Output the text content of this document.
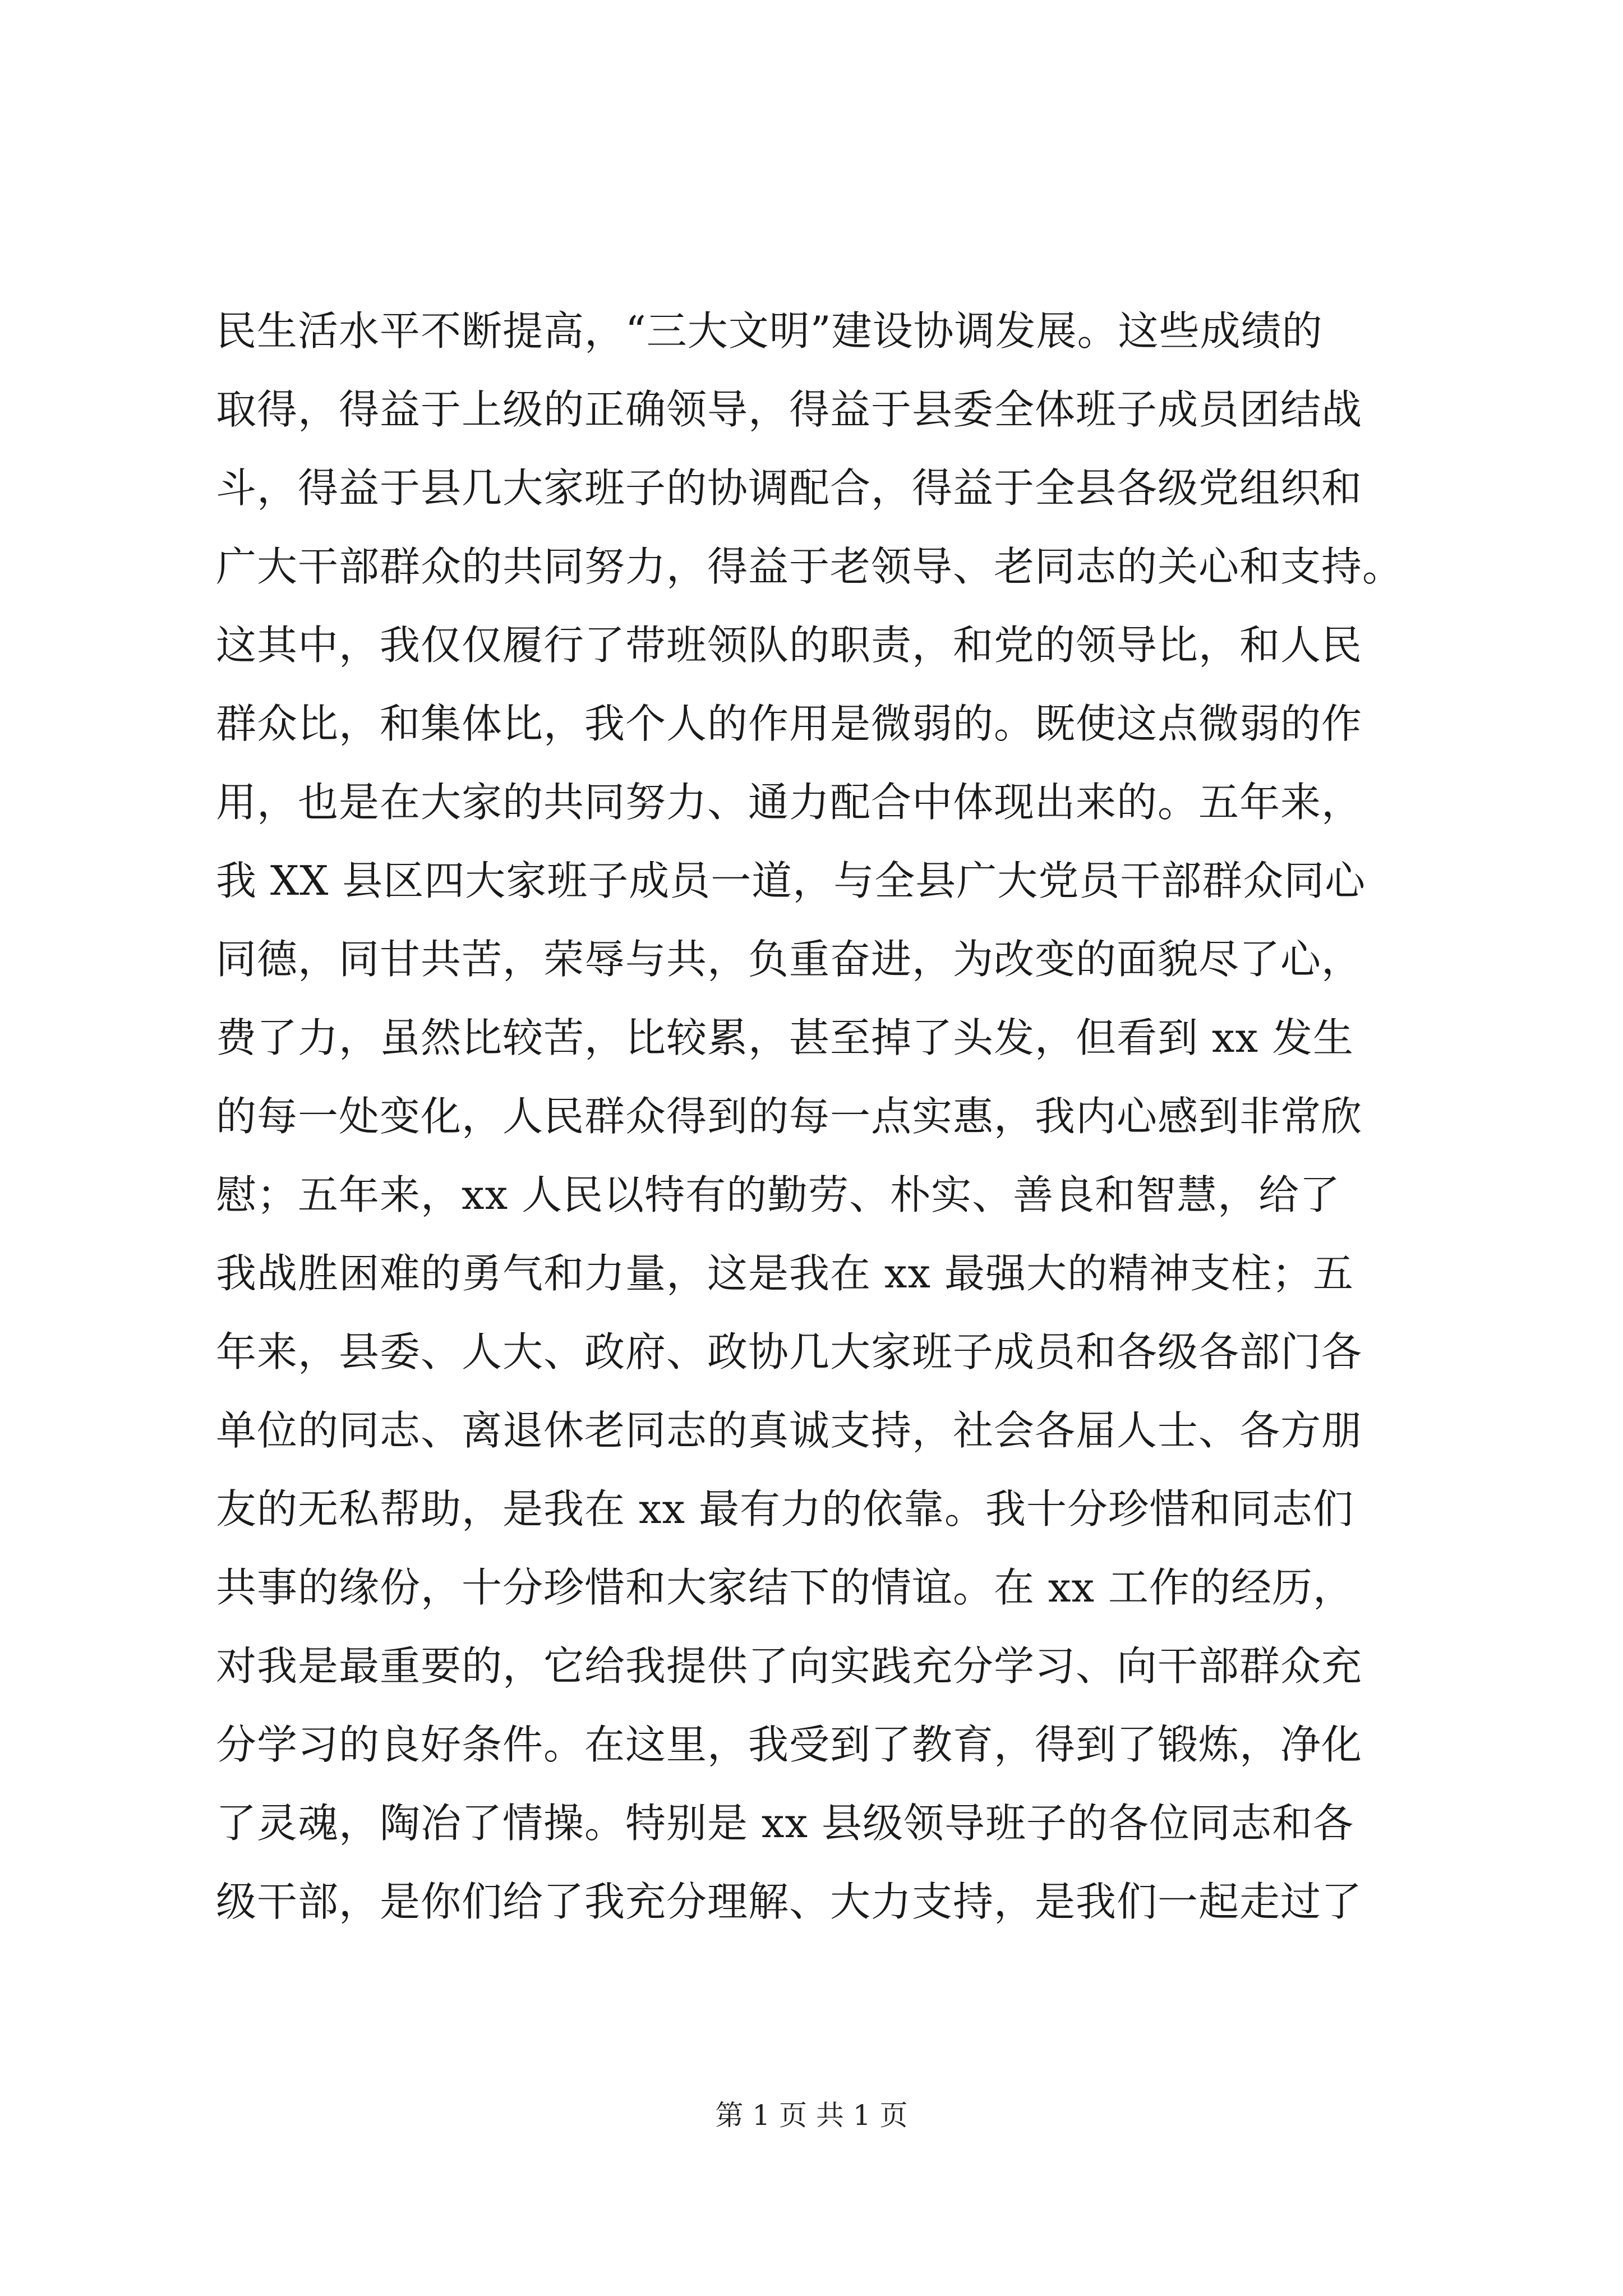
民生活水平不断提高，“三大文明”建设协调发展。这些成绩的
取得，得益于上级的正确领导，得益于县委全体班子成员团结战
斗，得益于县几大家班子的协调配合，得益于全县各级党组织和
广大干部群众的共同努力，得益于老领导、老同志的关心和支持。
这其中，我仅仅履行了带班领队的职责，和党的领导比，和人民
群众比，和集体比，我个人的作用是微弱的。既使这点微弱的作
用，也是在大家的共同努力、通力配合中体现出来的。五年来，
我 XX 县区四大家班子成员一道，与全县广大党员干部群众同心
同德，同甘共苦，荣辱与共，负重奋进，为改变的面貌尽了心，
费了力，虽然比较苦，比较累，甚至掉了头发，但看到 xx 发生
的每一处变化，人民群众得到的每一点实惠，我内心感到非常欣
慰；五年来，xx 人民以特有的勤劳、朴实、善良和智慧，给了
我战胜困难的勇气和力量，这是我在 xx 最强大的精神支柱；五
年来，县委、人大、政府、政协几大家班子成员和各级各部门各
单位的同志、离退休老同志的真诚支持，社会各届人士、各方朋
友的无私帮助，是我在 xx 最有力的依靠。我十分珍惜和同志们
共事的缘份，十分珍惜和大家结下的情谊。在 xx 工作的经历，
对我是最重要的，它给我提供了向实践充分学习、向干部群众充
分学习的良好条件。在这里，我受到了教育，得到了锻炼，净化
了灵魂，陶冶了情操。特别是 xx 县级领导班子的各位同志和各
级干部，是你们给了我充分理解、大力支持，是我们一起走过了
第 1 页 共 1 页
